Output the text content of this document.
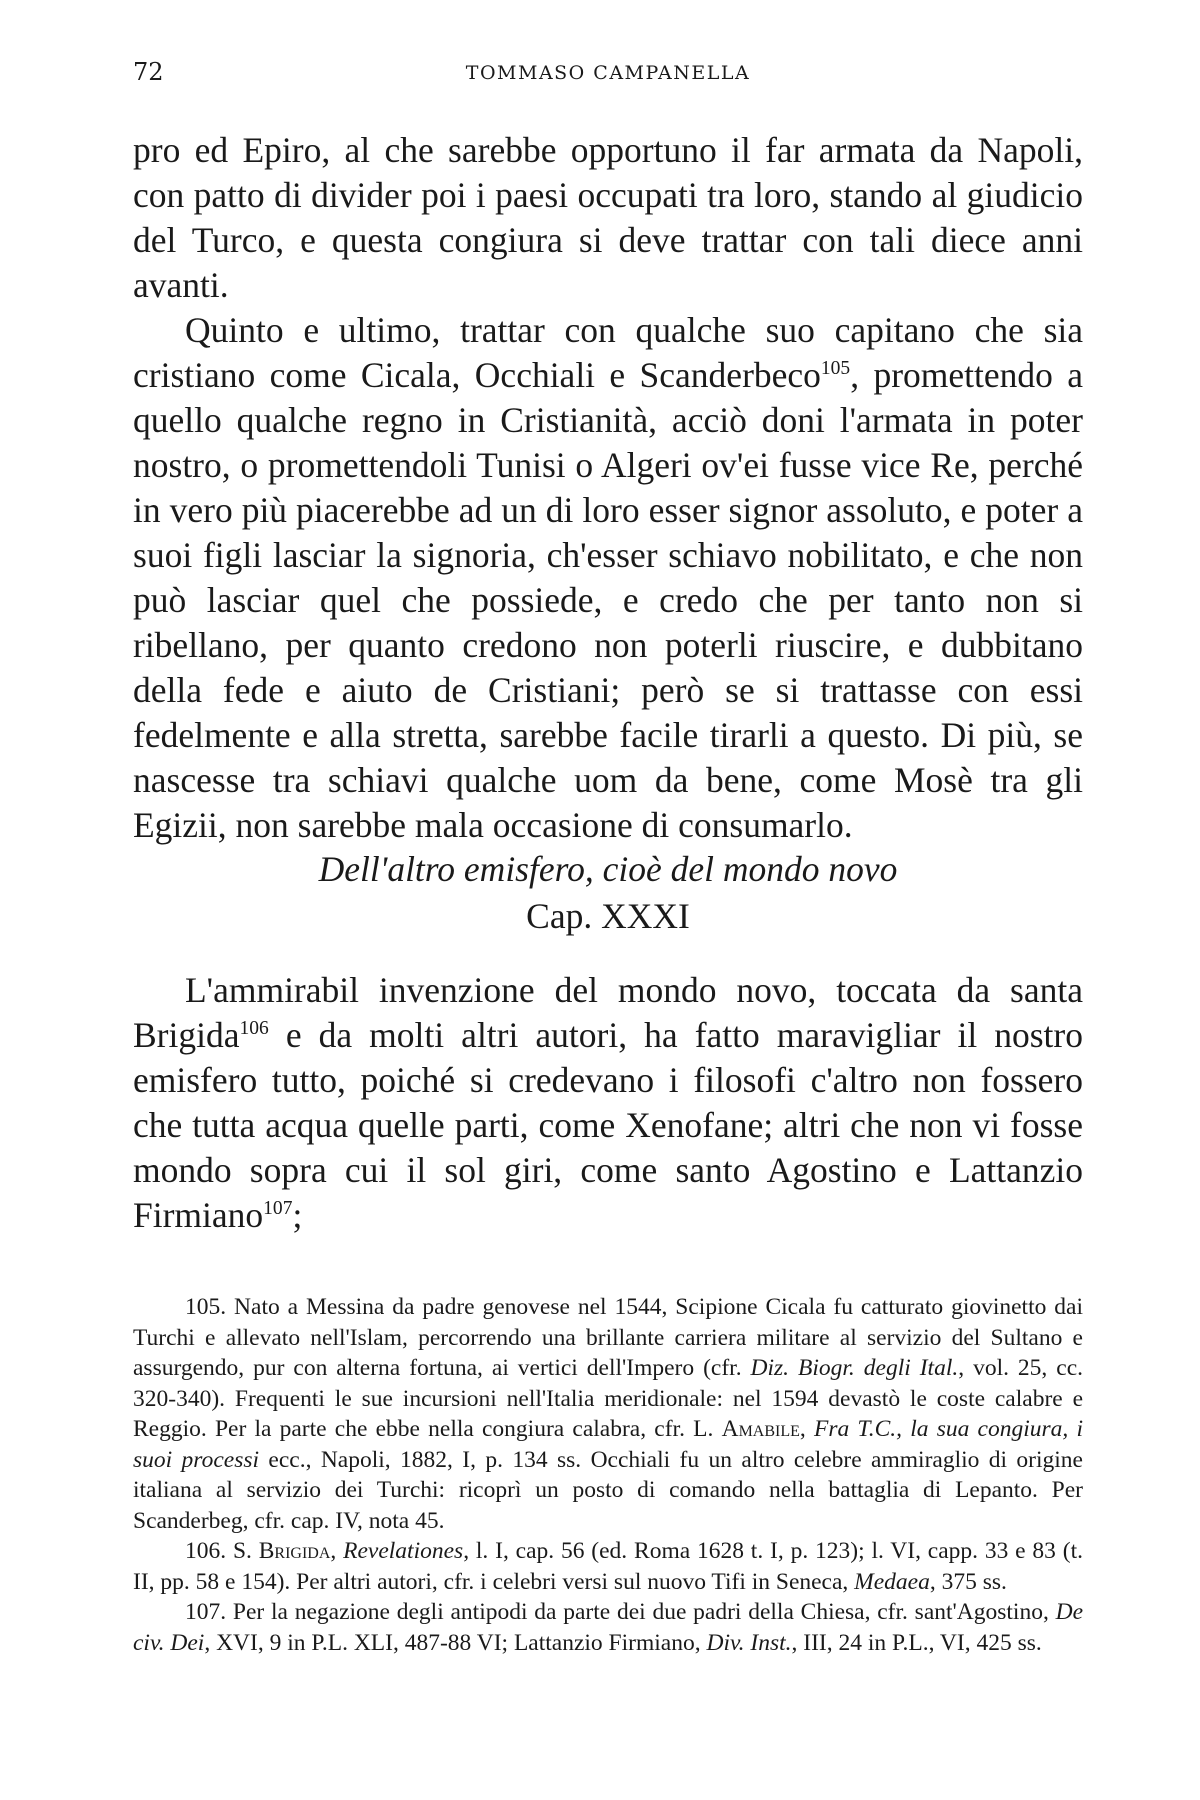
72	TOMMASO CAMPANELLA

pro ed Epiro, al che sarebbe opportuno il far armata da Napoli, con patto di divider poi i paesi occupati tra loro, stando al giudicio del Turco, e questa congiura si deve trattar con tali diece anni avanti.

Quinto e ultimo, trattar con qualche suo capitano che sia cristiano come Cicala, Occhiali e Scanderbeco$^{105}$, promettendo a quello qualche regno in Cristianità, acciò doni l'armata in poter nostro, o promettendoli Tunisi o Algeri ov'ei fusse vice Re, perché in vero più piacerebbe ad un di loro esser signor assoluto, e poter a suoi figli lasciar la signoria, ch'esser schiavo nobilitato, e che non può lasciar quel che possiede, e credo che per tanto non si ribellano, per quanto credono non poterli riuscire, e dubbitano della fede e aiuto de Cristiani; però se si trattasse con essi fedelmente e alla stretta, sarebbe facile tirarli a questo. Di più, se nascesse tra schiavi qualche uom da bene, come Mosè tra gli Egizii, non sarebbe mala occasione di consumarlo.

Dell'altro emisfero, cioè del mondo novo
Cap. XXXI

L'ammirabil invenzione del mondo novo, toccata da santa Brigida$^{106}$ e da molti altri autori, ha fatto maravigliar il nostro emisfero tutto, poiché si credevano i filosofi c'altro non fossero che tutta acqua quelle parti, come Xenofane; altri che non vi fosse mondo sopra cui il sol giri, come santo Agostino e Lattanzio Firmiano$^{107}$;

105. Nato a Messina da padre genovese nel 1544, Scipione Cicala fu catturato giovinetto dai Turchi e allevato nell'Islam, percorrendo una brillante carriera militare al servizio del Sultano e assurgendo, pur con alterna fortuna, ai vertici dell'Impero (cfr. Diz. Biogr. degli Ital., vol. 25, cc. 320-340). Frequenti le sue incursioni nell'Italia meridionale: nel 1594 devastò le coste calabre e Reggio. Per la parte che ebbe nella congiura calabra, cfr. L. Amabile, Fra T.C., la sua congiura, i suoi processi ecc., Napoli, 1882, I, p. 134 ss. Occhiali fu un altro celebre ammiraglio di origine italiana al servizio dei Turchi: ricoprì un posto di comando nella battaglia di Lepanto. Per Scanderbeg, cfr. cap. IV, nota 45.

106. S. Brigida, Revelationes, l. I, cap. 56 (ed. Roma 1628 t. I, p. 123); l. VI, capp. 33 e 83 (t. II, pp. 58 e 154). Per altri autori, cfr. i celebri versi sul nuovo Tifi in Seneca, Medaea, 375 ss.

107. Per la negazione degli antipodi da parte dei due padri della Chiesa, cfr. sant'Agostino, De civ. Dei, XVI, 9 in P.L. XLI, 487-88 VI; Lattanzio Firmiano, Div. Inst., III, 24 in P.L., VI, 425 ss.
